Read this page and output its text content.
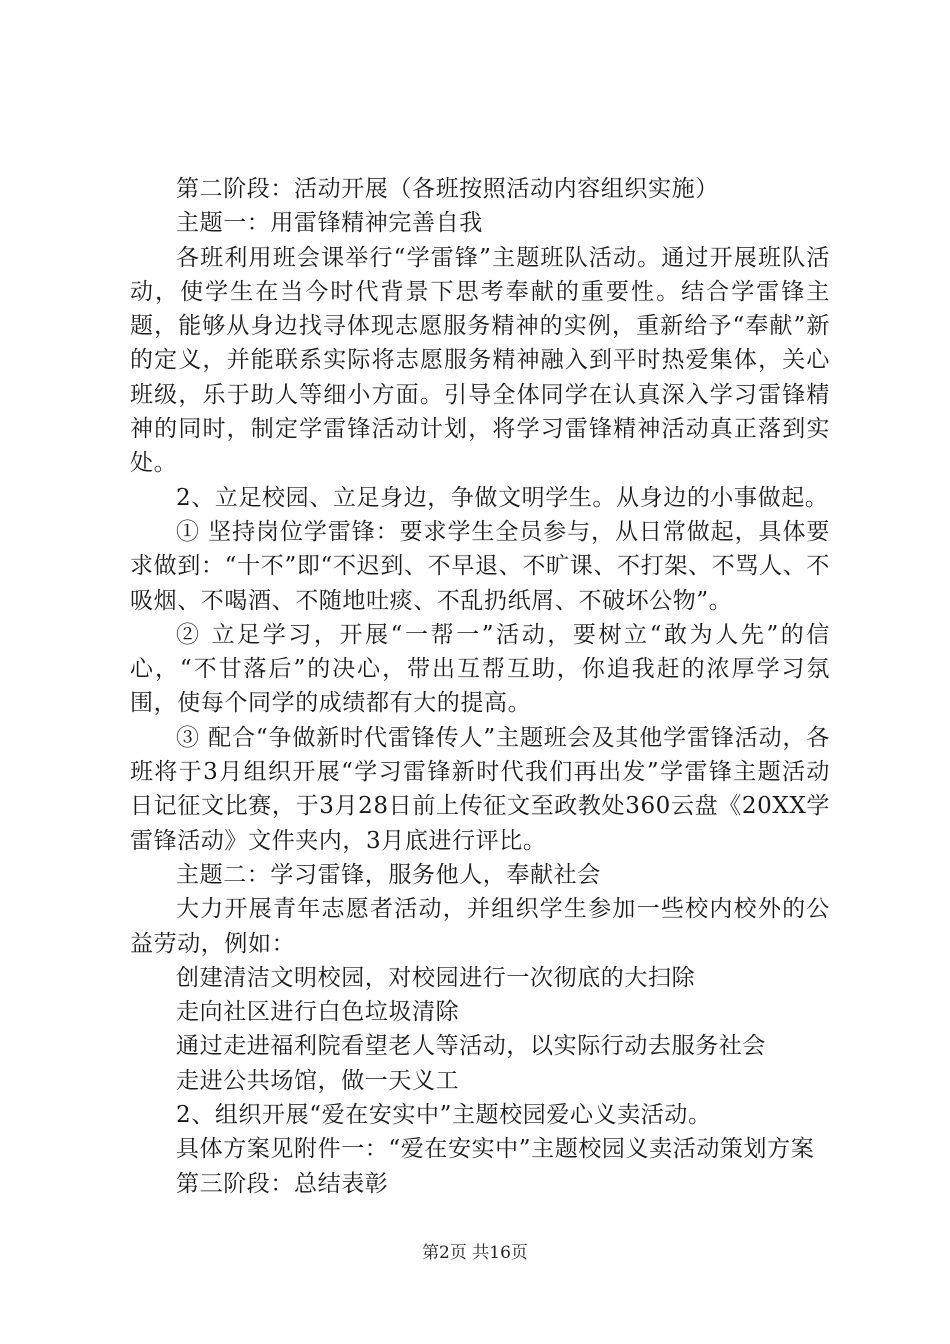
第二阶段：活动开展（各班按照活动内容组织实施）

主题一：用雷锋精神完善自我

各班利用班会课举行“学雷锋”主题班队活动。通过开展班队活动，使学生在当今时代背景下思考奉献的重要性。结合学雷锋主题，能够从身边找寻体现志愿服务精神的实例，重新给予“奉献”新的定义，并能联系实际将志愿服务精神融入到平时热爱集体，关心班级，乐于助人等细小方面。引导全体同学在认真深入学习雷锋精神的同时，制定学雷锋活动计划，将学习雷锋精神活动真正落到实处。

2、立足校园、立足身边，争做文明学生。从身边的小事做起。

① 坚持岗位学雷锋：要求学生全员参与，从日常做起，具体要求做到：“十不”即“不迟到、不早退、不旷课、不打架、不骂人、不吸烟、不喝酒、不随地吐痰、不乱扔纸屑、不破坏公物”。

② 立足学习，开展“一帮一”活动，要树立“敢为人先”的信心，“不甘落后”的决心，带出互帮互助，你追我赶的浓厚学习氛围，使每个同学的成绩都有大的提高。

③ 配合“争做新时代雷锋传人”主题班会及其他学雷锋活动，各班将于3月组织开展“学习雷锋新时代我们再出发”学雷锋主题活动日记征文比赛，于3月28日前上传征文至政教处360云盘《20XX学雷锋活动》文件夹内，3月底进行评比。

主题二：学习雷锋，服务他人，奉献社会

大力开展青年志愿者活动，并组织学生参加一些校内校外的公益劳动，例如：

创建清洁文明校园，对校园进行一次彻底的大扫除

走向社区进行白色垃圾清除

通过走进福利院看望老人等活动，以实际行动去服务社会

走进公共场馆，做一天义工

2、组织开展“爱在安实中”主题校园爱心义卖活动。

具体方案见附件一：“爱在安实中”主题校园义卖活动策划方案

第三阶段：总结表彰

第2页 共16页
